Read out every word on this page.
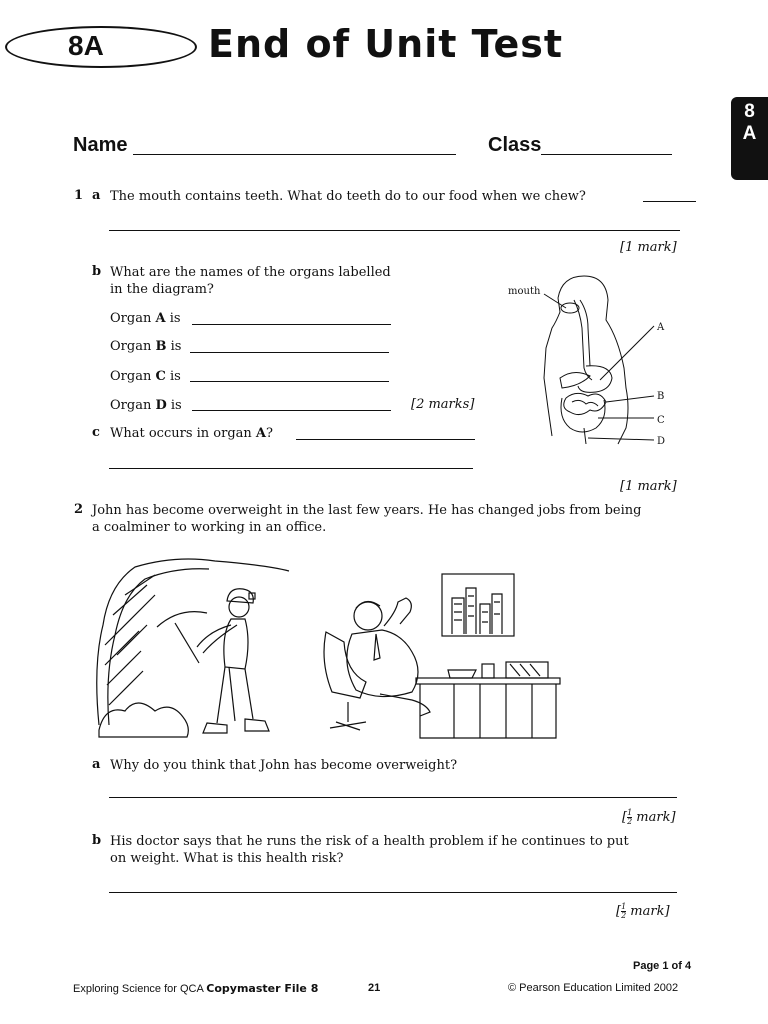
8A	End of Unit Test
8
A
Name	Class
1 a The mouth contains teeth. What do teeth do to our food when we chew?
[1 mark]
b What are the names of the organs labelled
in the diagram?
Organ A is
Organ B is
Organ C is
Organ D is	[2 marks]
c What occurs in organ A?
[1 mark]
mouth
A
B
C
D
2 John has become overweight in the last few years. He has changed jobs from being
a coalminer to working in an office.
a Why do you think that John has become overweight?
[ $\frac{1}{2}$ mark]
b His doctor says that he runs the risk of a health problem if he continues to put
on weight. What is this health risk?
[ $\frac{1}{2}$ mark]
Page 1 of 4
Exploring Science for QCA Copymaster File 8	21	© Pearson Education Limited 2002
